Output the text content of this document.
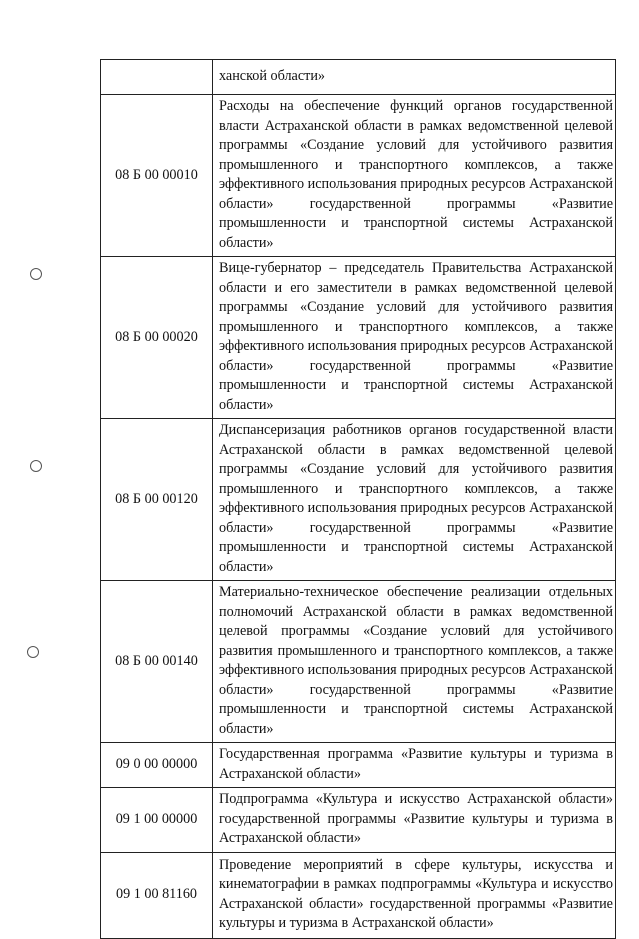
	ханской области»
08 Б 00 00010	Расходы на обеспечение функций органов государственной власти Астраханской области в рамках ведомственной целевой программы «Создание условий для устойчивого развития промышленного и транспортного комплексов, а также эффективного использования природных ресурсов Астраханской области» государственной программы «Развитие промышленности и транспортной системы Астраханской области»
08 Б 00 00020	Вице-губернатор – председатель Правительства Астраханской области и его заместители в рамках ведомственной целевой программы «Создание условий для устойчивого развития промышленного и транспортного комплексов, а также эффективного использования природных ресурсов Астраханской области» государственной программы «Развитие промышленности и транспортной системы Астраханской области»
08 Б 00 00120	Диспансеризация работников органов государственной власти Астраханской области в рамках ведомственной целевой программы «Создание условий для устойчивого развития промышленного и транспортного комплексов, а также эффективного использования природных ресурсов Астраханской области» государственной программы «Развитие промышленности и транспортной системы Астраханской области»
08 Б 00 00140	Материально-техническое обеспечение реализации отдельных полномочий Астраханской области в рамках ведомственной целевой программы «Создание условий для устойчивого развития промышленного и транспортного комплексов, а также эффективного использования природных ресурсов Астраханской области» государственной программы «Развитие промышленности и транспортной системы Астраханской области»
09 0 00 00000	Государственная программа «Развитие культуры и туризма в Астраханской области»
09 1 00 00000	Подпрограмма «Культура и искусство Астраханской области» государственной программы «Развитие культуры и туризма в Астраханской области»
09 1 00 81160	Проведение мероприятий в сфере культуры, искусства и кинематографии в рамках подпрограммы «Культура и искусство Астраханской области» государственной программы «Развитие культуры и туризма в Астраханской области»
